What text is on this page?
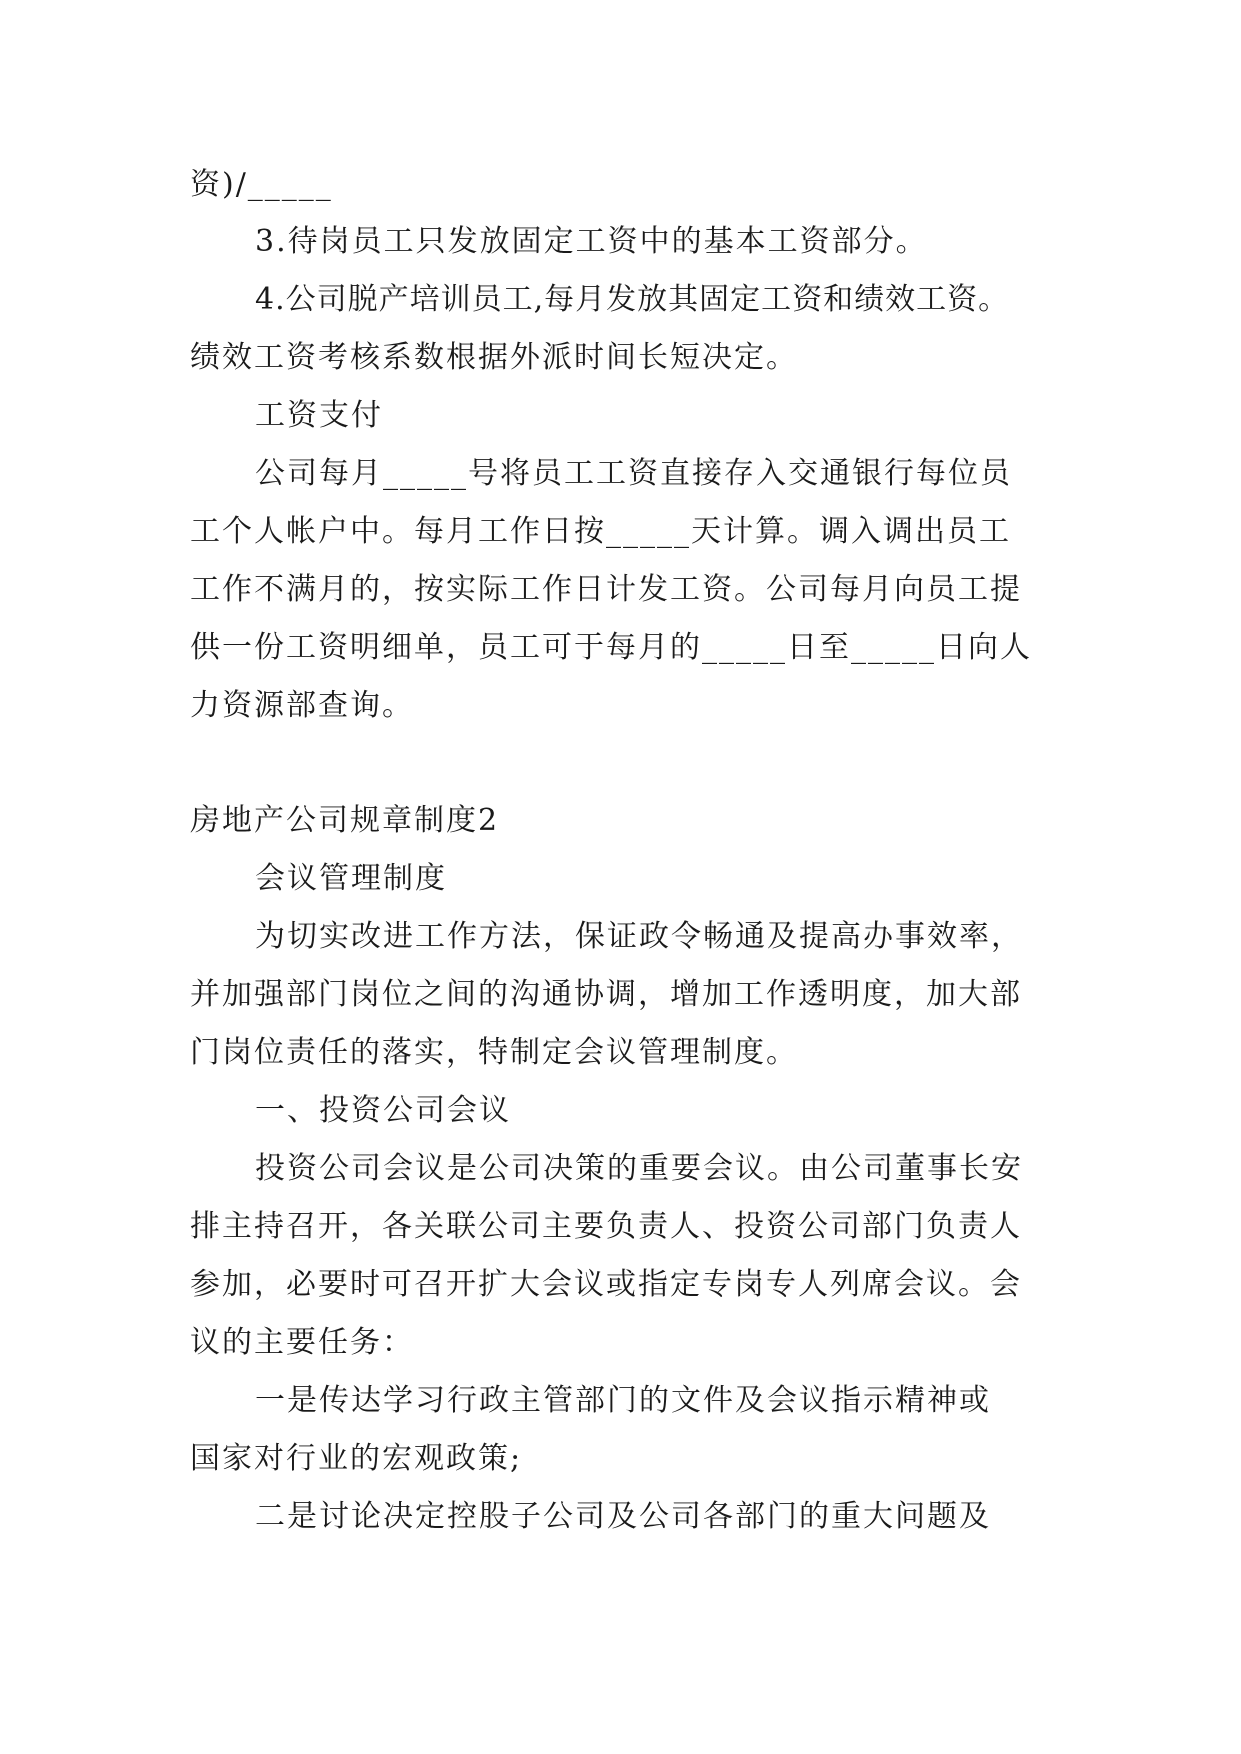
资)/_____
3.待岗员工只发放固定工资中的基本工资部分。
4.公司脱产培训员工,每月发放其固定工资和绩效工资。
绩效工资考核系数根据外派时间长短决定。
工资支付
公司每月_____号将员工工资直接存入交通银行每位员
工个人帐户中。每月工作日按_____天计算。调入调出员工
工作不满月的，按实际工作日计发工资。公司每月向员工提
供一份工资明细单，员工可于每月的_____日至_____日向人
力资源部查询。
房地产公司规章制度2
会议管理制度
为切实改进工作方法，保证政令畅通及提高办事效率，
并加强部门岗位之间的沟通协调，增加工作透明度，加大部
门岗位责任的落实，特制定会议管理制度。
一、投资公司会议
投资公司会议是公司决策的重要会议。由公司董事长安
排主持召开，各关联公司主要负责人、投资公司部门负责人
参加，必要时可召开扩大会议或指定专岗专人列席会议。会
议的主要任务：
一是传达学习行政主管部门的文件及会议指示精神或
国家对行业的宏观政策;
二是讨论决定控股子公司及公司各部门的重大问题及
